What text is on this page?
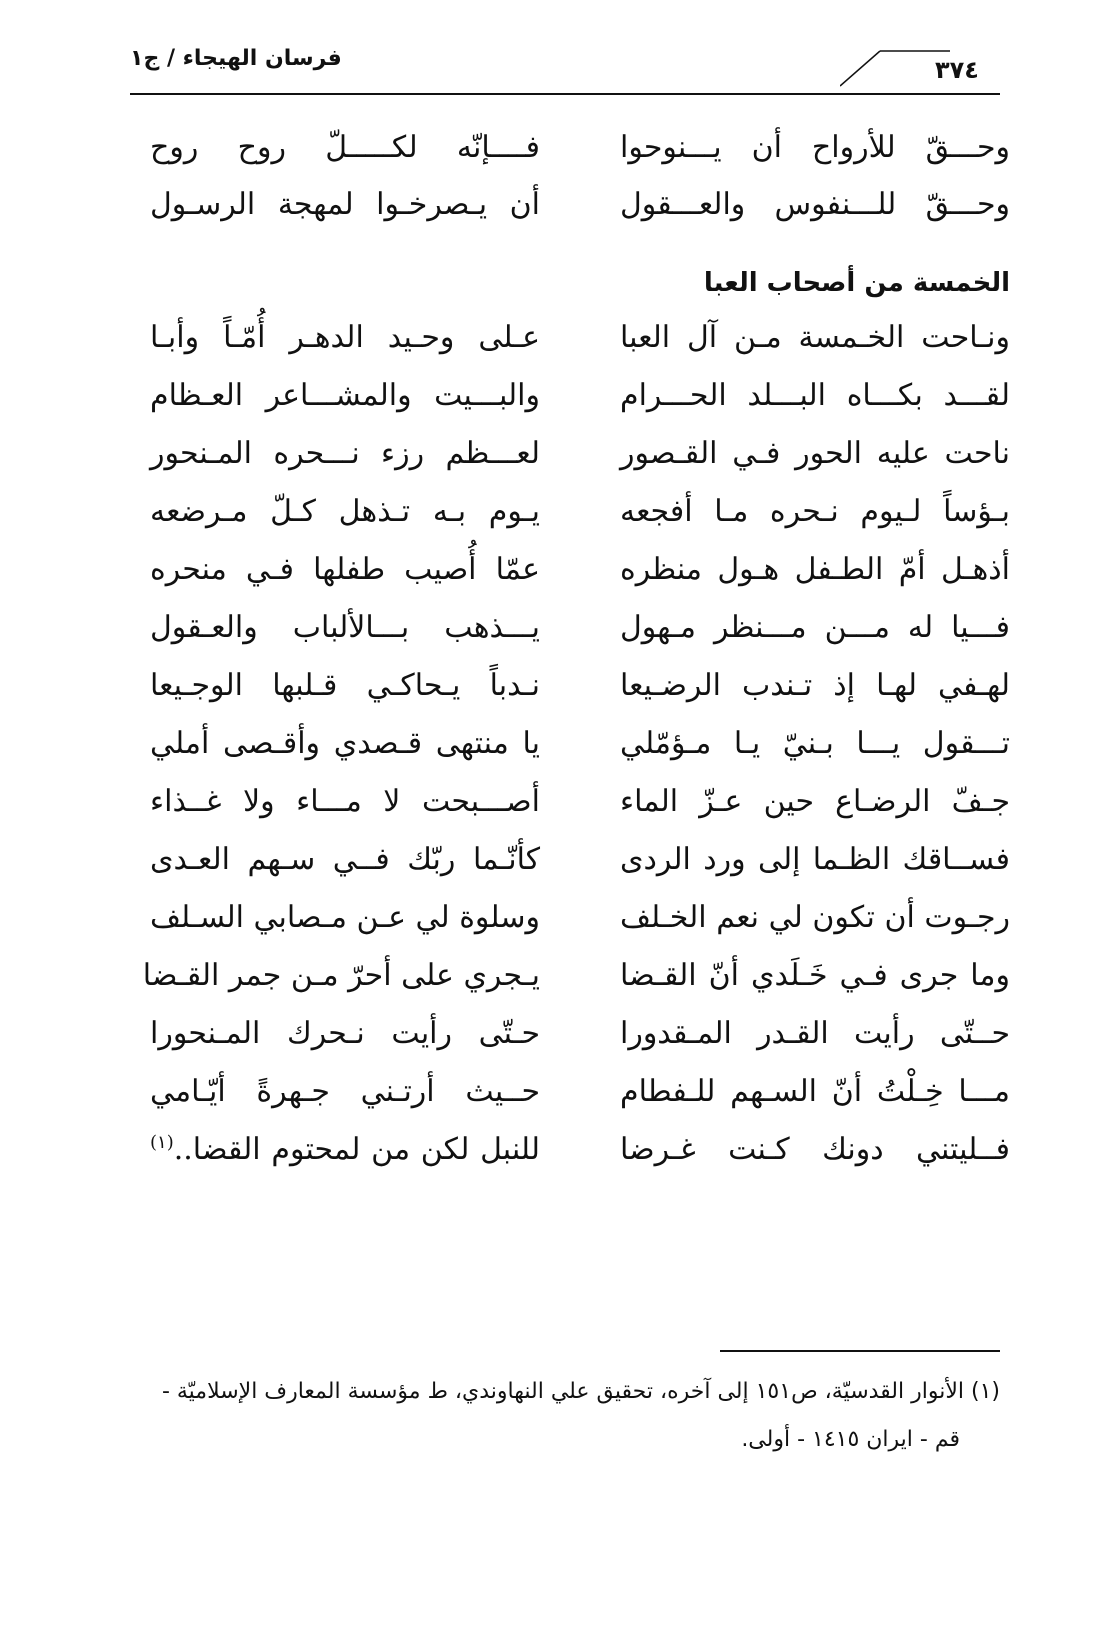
فرسان الهيجاء / ج١	٣٧٤
وحـــقّ للأرواح أن يـــنوحوا
فــــإنّه لكـــــلّ روح روح
وحـــقّ للـــنفوس والعـــقول
أن يـصرخـوا لمهجة الرسـول
الخمسة من أصحاب العبا
ونـاحت الخـمسة مـن آل العبا
عـلى وحـيد الدهـر أُمّـاً وأبـا
لقـــد بكـــاه البـــلد الحـــرام
والبـــيت والمشـــاعر العـظام
ناحت عليه الحور فـي القـصور
لعـــظم رزء نـــحره المـنحور
بـؤساً لـيوم نـحره مـا أفجعه
يـوم بـه تـذهل كـلّ مـرضعه
أذهـل أمّ الطـفل هـول منظره
عمّا أُصيب طفلها فـي منحره
فـــيا له مـــن مـــنظر مـهول
يـــذهب بـــالألباب والعـقول
لهـفي لهـا إذ تـندب الرضـيعا
نـدباً يـحاكـي قـلبها الوجـيعا
تـــقول يـــا بـنيّ يـا مـؤمّلي
يا منتهى قـصدي وأقـصى أملي
جـفّ الرضـاع حين عـزّ الماء
أصـــبحت لا مـــاء ولا غــذاء
فســاقك الظـما إلى ورد الردى
كأنّـما ربّك فــي سـهم العـدى
رجـوت أن تكون لي نعم الخـلف
وسلوة لي عـن مـصابي السـلف
وما جرى فـي خَـلَدي أنّ القـضا
يـجري على أحرّ مـن جمر القـضا
حــتّى رأيت القـدر المـقدورا
حـتّى رأيت نـحرك المـنحورا
مـــا خِـلْتُ أنّ السـهم للـفطام
حــيث أرتـني جـهرةً أيّـامي
فــليتني دونك كـنت غـرضا
للنبل لكن من لمحتوم القضا..$^{(١)}$
(١) الأنوار القدسيّة، ص١٥١ إلى آخره، تحقيق علي النهاوندي، ط مؤسسة المعارف الإسلاميّة -
قم - ايران ١٤١٥ - أولى.
